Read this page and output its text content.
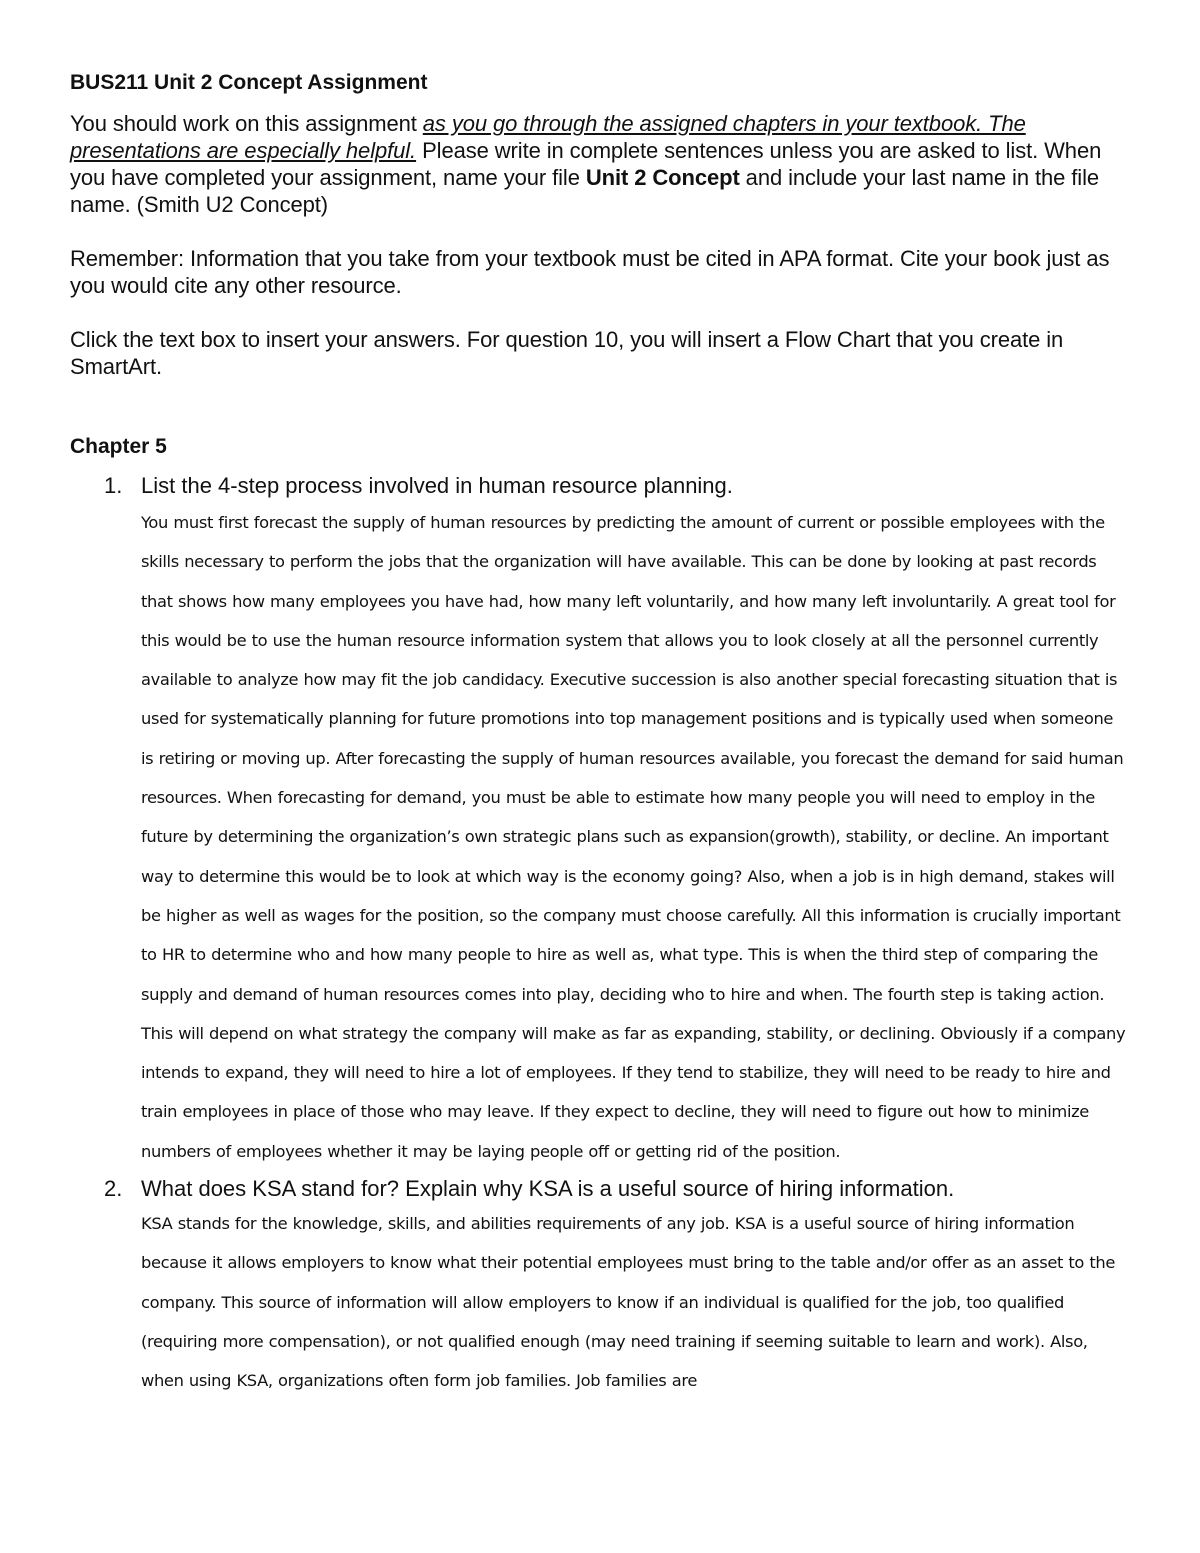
BUS211 Unit 2 Concept Assignment

You should work on this assignment as you go through the assigned chapters in your textbook. The presentations are especially helpful. Please write in complete sentences unless you are asked to list. When you have completed your assignment, name your file Unit 2 Concept and include your last name in the file name. (Smith U2 Concept)

Remember: Information that you take from your textbook must be cited in APA format. Cite your book just as you would cite any other resource.

Click the text box to insert your answers. For question 10, you will insert a Flow Chart that you create in SmartArt.

Chapter 5
1. List the 4-step process involved in human resource planning.
You must first forecast the supply of human resources by predicting the amount of current or possible employees with the skills necessary to perform the jobs that the organization will have available. This can be done by looking at past records that shows how many employees you have had, how many left voluntarily, and how many left involuntarily. A great tool for this would be to use the human resource information system that allows you to look closely at all the personnel currently available to analyze how may fit the job candidacy. Executive succession is also another special forecasting situation that is used for systematically planning for future promotions into top management positions and is typically used when someone is retiring or moving up. After forecasting the supply of human resources available, you forecast the demand for said human resources. When forecasting for demand, you must be able to estimate how many people you will need to employ in the future by determining the organization’s own strategic plans such as expansion(growth), stability, or decline. An important way to determine this would be to look at which way is the economy going? Also, when a job is in high demand, stakes will be higher as well as wages for the position, so the company must choose carefully. All this information is crucially important to HR to determine who and how many people to hire as well as, what type. This is when the third step of comparing the supply and demand of human resources comes into play, deciding who to hire and when. The fourth step is taking action. This will depend on what strategy the company will make as far as expanding, stability, or declining. Obviously if a company intends to expand, they will need to hire a lot of employees. If they tend to stabilize, they will need to be ready to hire and train employees in place of those who may leave. If they expect to decline, they will need to figure out how to minimize numbers of employees whether it may be laying people off or getting rid of the position.
2. What does KSA stand for? Explain why KSA is a useful source of hiring information.
KSA stands for the knowledge, skills, and abilities requirements of any job. KSA is a useful source of hiring information because it allows employers to know what their potential employees must bring to the table and/or offer as an asset to the company. This source of information will allow employers to know if an individual is qualified for the job, too qualified (requiring more compensation), or not qualified enough (may need training if seeming suitable to learn and work). Also, when using KSA, organizations often form job families. Job families are
